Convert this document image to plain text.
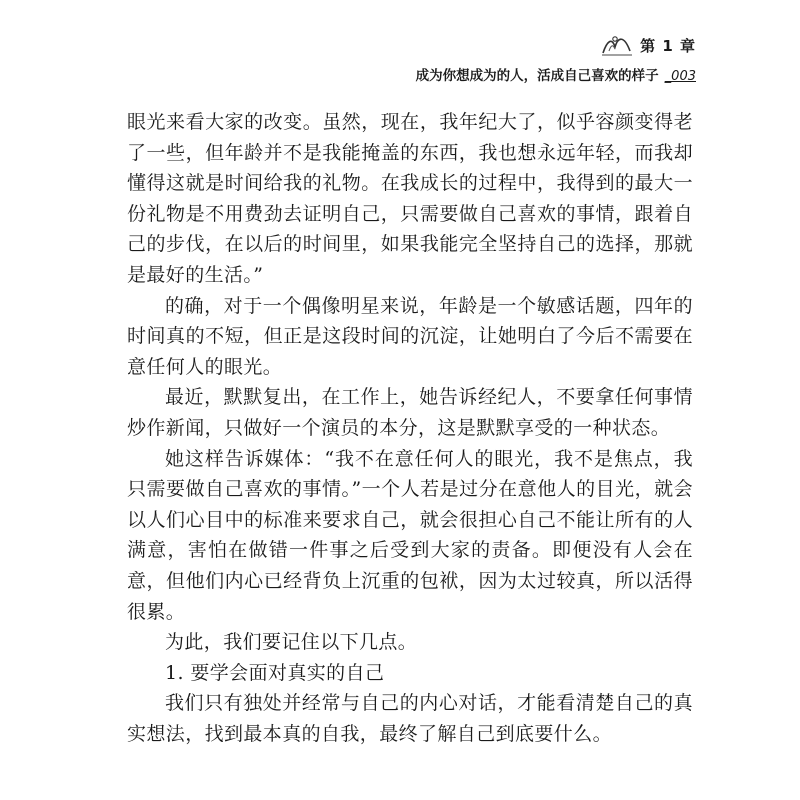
第 1 章
成为你想成为的人，活成自己喜欢的样子 _003

眼光来看大家的改变。虽然，现在，我年纪大了，似乎容颜变得老了一些，但年龄并不是我能掩盖的东西，我也想永远年轻，而我却懂得这就是时间给我的礼物。在我成长的过程中，我得到的最大一份礼物是不用费劲去证明自己，只需要做自己喜欢的事情，跟着自己的步伐，在以后的时间里，如果我能完全坚持自己的选择，那就是最好的生活。”

的确，对于一个偶像明星来说，年龄是一个敏感话题，四年的时间真的不短，但正是这段时间的沉淀，让她明白了今后不需要在意任何人的眼光。

最近，默默复出，在工作上，她告诉经纪人，不要拿任何事情炒作新闻，只做好一个演员的本分，这是默默享受的一种状态。

她这样告诉媒体：“我不在意任何人的眼光，我不是焦点，我只需要做自己喜欢的事情。”一个人若是过分在意他人的目光，就会以人们心目中的标准来要求自己，就会很担心自己不能让所有的人满意，害怕在做错一件事之后受到大家的责备。即便没有人会在意，但他们内心已经背负上沉重的包袱，因为太过较真，所以活得很累。

为此，我们要记住以下几点。

1. 要学会面对真实的自己

我们只有独处并经常与自己的内心对话，才能看清楚自己的真实想法，找到最本真的自我，最终了解自己到底要什么。
